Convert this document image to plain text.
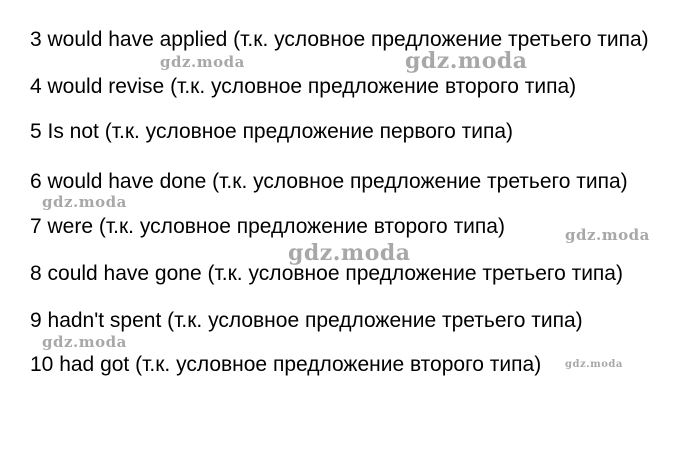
3 would have applied (т.к. условное предложение третьего типа)
4 would revise (т.к. условное предложение второго типа)
5 Is not (т.к. условное предложение первого типа)
6 would have done (т.к. условное предложение третьего типа)
7 were (т.к. условное предложение второго типа)
8 could have gone (т.к. условное предложение третьего типа)
9 hadn't spent (т.к. условное предложение третьего типа)
10 had got (т.к. условное предложение второго типа)
gdz.moda	gdz.moda
gdz.moda
gdz.moda
gdz.moda
gdz.moda
gdz.moda
